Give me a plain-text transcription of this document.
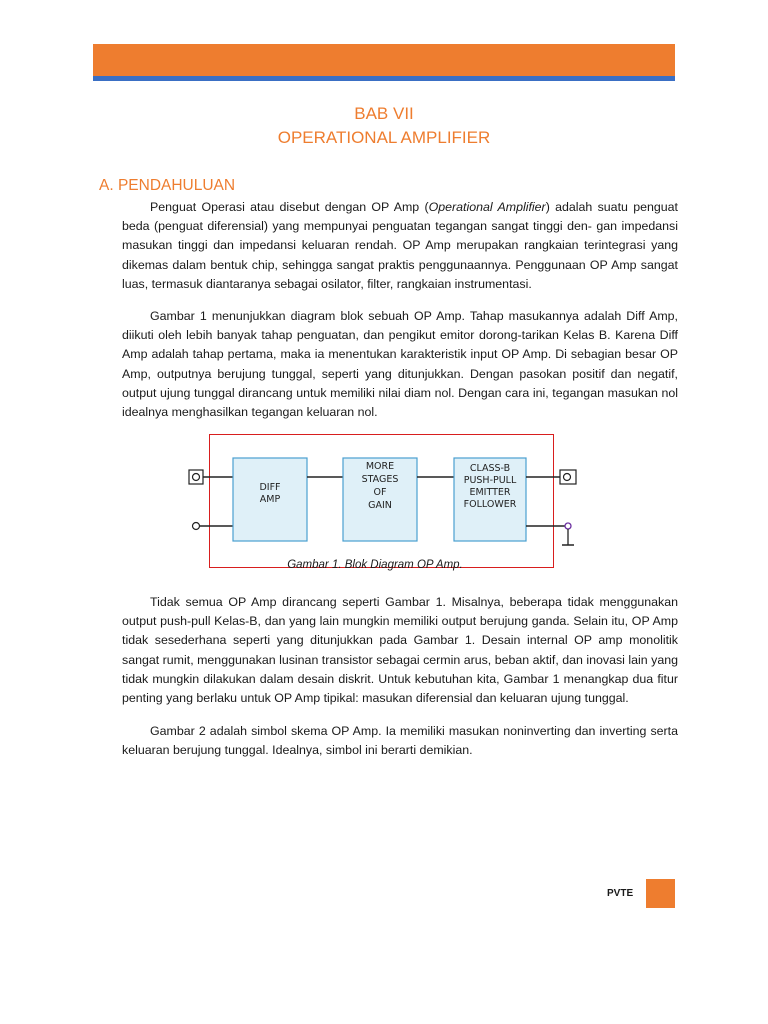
BAB VII
OPERATIONAL AMPLIFIER
A. PENDAHULUAN

Penguat Operasi atau disebut dengan OP Amp (Operational Amplifier) adalah suatu penguat beda (penguat diferensial) yang mempunyai penguatan tegangan sangat tinggi den- gan impedansi masukan tinggi dan impedansi keluaran rendah. OP Amp merupakan rangkaian terintegrasi yang dikemas dalam bentuk chip, sehingga sangat praktis penggunaannya. Penggunaan OP Amp sangat luas, termasuk diantaranya sebagai osilator, filter, rangkaian instrumentasi.

Gambar 1 menunjukkan diagram blok sebuah OP Amp. Tahap masukannya adalah Diff Amp, diikuti oleh lebih banyak tahap penguatan, dan pengikut emitor dorong-tarikan Kelas B. Karena Diff Amp adalah tahap pertama, maka ia menentukan karakteristik input OP Amp. Di sebagian besar OP Amp, outputnya berujung tunggal, seperti yang ditunjukkan. Dengan pasokan positif dan negatif, output ujung tunggal dirancang untuk memiliki nilai diam nol. Dengan cara ini, tegangan masukan nol idealnya menghasilkan tegangan keluaran nol.

DIFF
AMP
MORE
STAGES
OF
GAIN
CLASS-B
PUSH-PULL
EMITTER
FOLLOWER
Gambar 1. Blok Diagram OP Amp.

Tidak semua OP Amp dirancang seperti Gambar 1. Misalnya, beberapa tidak menggunakan output push-pull Kelas-B, dan yang lain mungkin memiliki output berujung ganda. Selain itu, OP Amp tidak sesederhana seperti yang ditunjukkan pada Gambar 1. Desain internal OP amp monolitik sangat rumit, menggunakan lusinan transistor sebagai cermin arus, beban aktif, dan inovasi lain yang tidak mungkin dilakukan dalam desain diskrit. Untuk kebutuhan kita, Gambar 1 menangkap dua fitur penting yang berlaku untuk OP Amp tipikal: masukan diferensial dan keluaran ujung tunggal.

Gambar 2 adalah simbol skema OP Amp. Ia memiliki masukan noninverting dan inverting serta keluaran berujung tunggal. Idealnya, simbol ini berarti demikian.

PVTE
